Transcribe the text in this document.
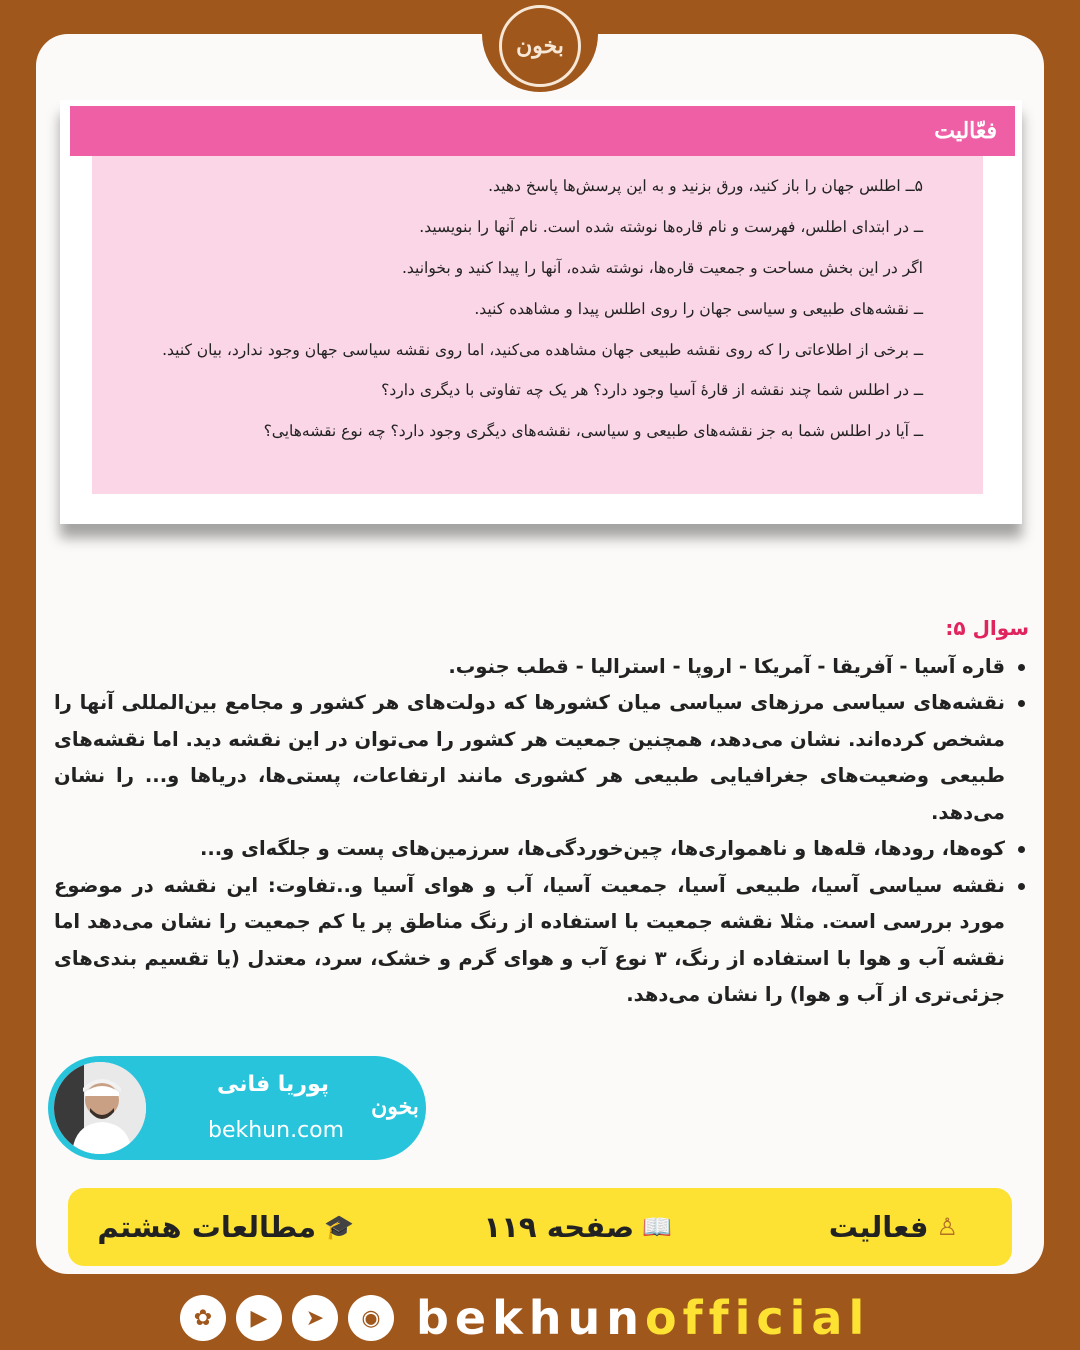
بخون
فعّالیت

۵ــ اطلس جهان را باز کنید، ورق بزنید و به این پرسش‌ها پاسخ دهید.

ــ در ابتدای اطلس، فهرست و نام قاره‌ها نوشته شده است. نام آنها را بنویسید.

اگر در این بخش مساحت و جمعیت قاره‌ها، نوشته شده، آنها را پیدا کنید و بخوانید.

ــ نقشه‌های طبیعی و سیاسی جهان را روی اطلس پیدا و مشاهده کنید.

ــ برخی از اطلاعاتی را که روی نقشه طبیعی جهان مشاهده می‌کنید، اما روی نقشه سیاسی جهان وجود ندارد، بیان کنید.

ــ در اطلس شما چند نقشه از قارهٔ آسیا وجود دارد؟ هر یک چه تفاوتی با دیگری دارد؟

ــ آیا در اطلس شما به جز نقشه‌های طبیعی و سیاسی، نقشه‌های دیگری وجود دارد؟ چه نوع نقشه‌هایی؟

سوال ۵:
قاره آسیا - آفریقا - آمریکا - اروپا - استرالیا - قطب جنوب.
نقشه‌های سیاسی مرزهای سیاسی میان کشورها که دولت‌های هر کشور و مجامع بین‌المللی آنها را مشخص کرده‌اند. نشان می‌دهد، همچنین جمعیت هر کشور را می‌توان در این نقشه دید. اما نقشه‌های طبیعی وضعیت‌های جغرافیایی طبیعی هر کشوری مانند ارتفاعات، پستی‌ها، دریاها و... را نشان می‌دهد.
کوه‌ها، رودها، قله‌ها و ناهمواری‌ها، چین‌خوردگی‌ها، سرزمین‌های پست و جلگه‌ای و...
نقشه سیاسی آسیا، طبیعی آسیا، جمعیت آسیا، آب و هوای آسیا و..تفاوت: این نقشه در موضوع مورد بررسی است. مثلا نقشه جمعیت با استفاده از رنگ مناطق پر یا کم جمعیت را نشان می‌دهد اما نقشه آب و هوا با استفاده از رنگ، ۳ نوع آب و هوای گرم و خشک، سرد، معتدل (یا تقسیم بندی‌های جزئی‌تری از آب و هوا) را نشان می‌دهد.
پوریا فانی
bekhun.com
بخون
♙
فعالیت
📖
صفحه ۱۱۹
🎓
مطالعات هشتم
✿	▶	➤	◉ bekhunofficial
